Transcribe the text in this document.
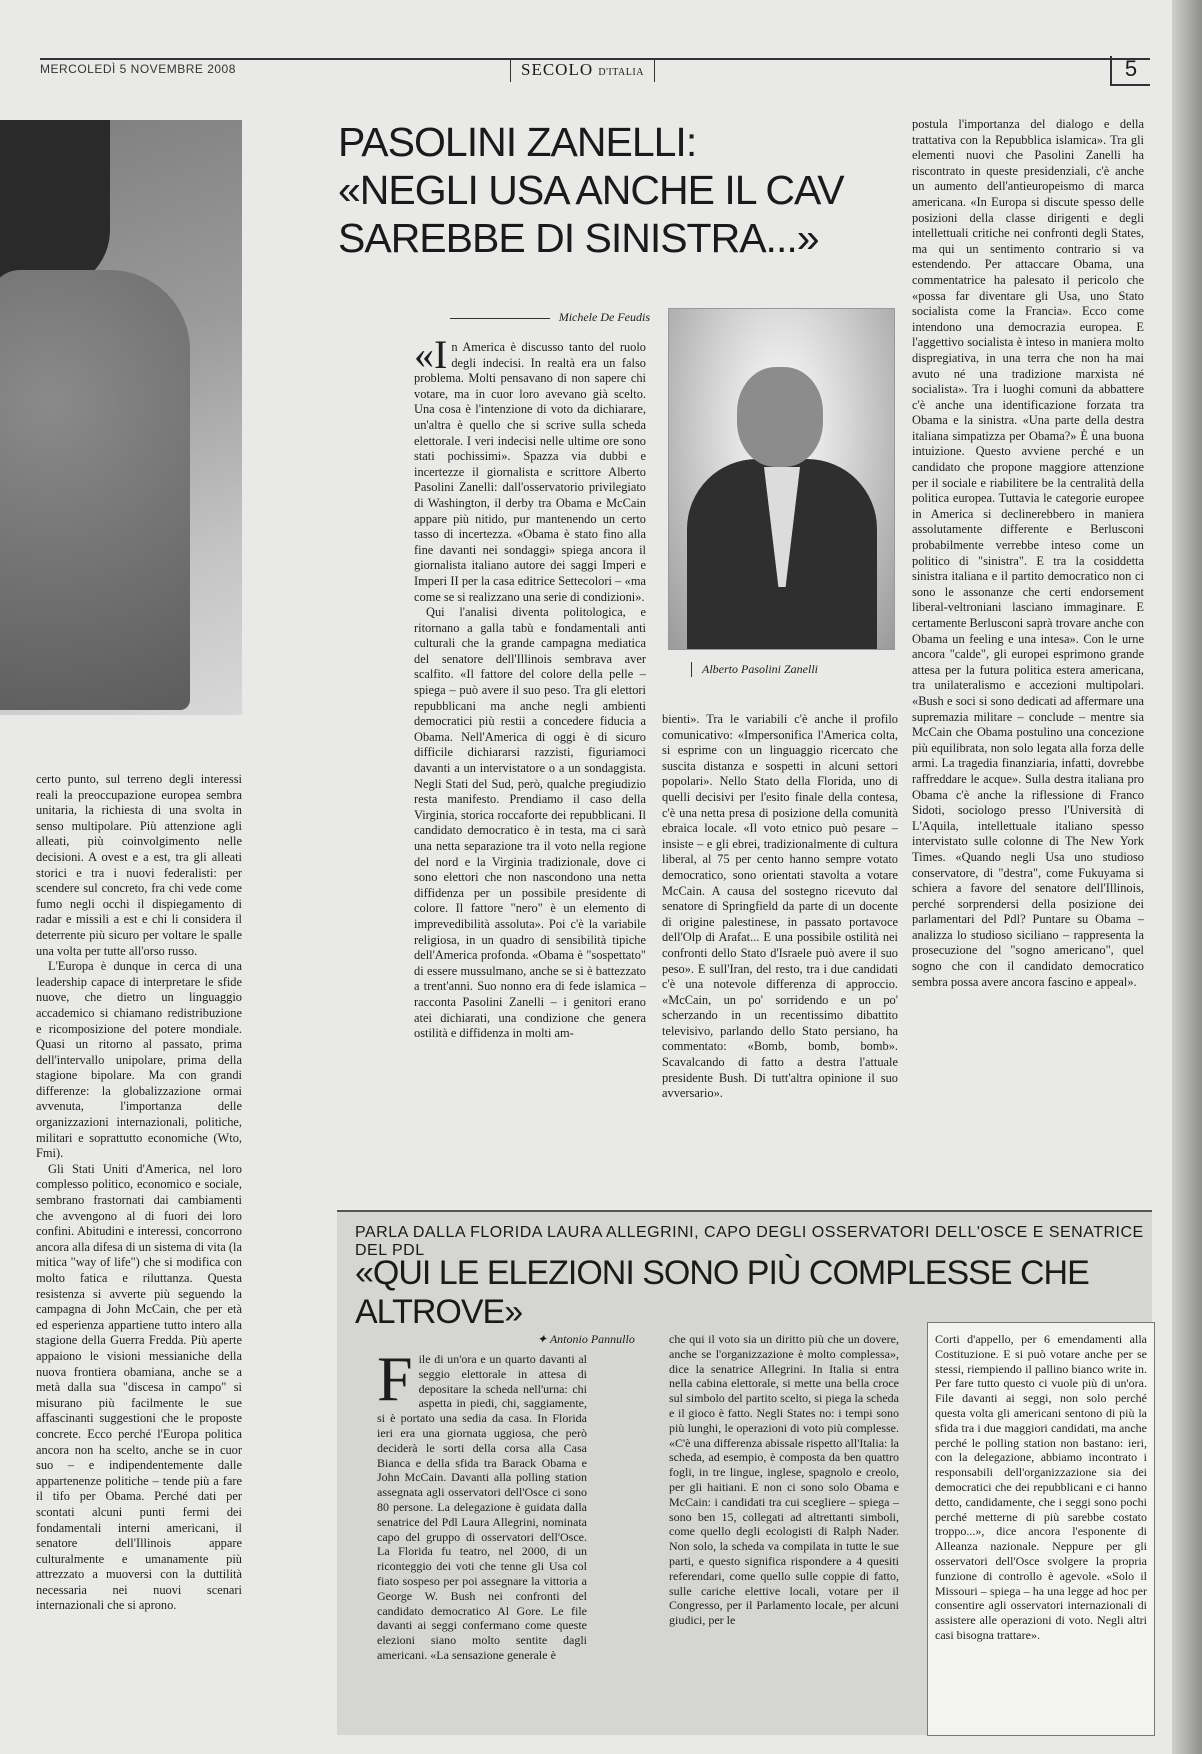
MERCOLEDÌ 5 NOVEMBRE 2008	SECOLO D'ITALIA	5
PASOLINI ZANELLI:
«NEGLI USA ANCHE IL CAV
SAREBBE DI SINISTRA...»
Michele De Feudis

certo punto, sul terreno degli interessi reali la preoccupazione europea sembra unitaria, la richiesta di una svolta in senso multipolare. Più attenzione agli alleati, più coinvolgimento nelle decisioni. A ovest e a est, tra gli alleati storici e tra i nuovi federalisti: per scendere sul concreto, fra chi vede come fumo negli occhi il dispiegamento di radar e missili a est e chi li considera il deterrente più sicuro per voltare le spalle una volta per tutte all'orso russo.

L'Europa è dunque in cerca di una leadership capace di interpretare le sfide nuove, che dietro un linguaggio accademico si chiamano redistribuzione e ricomposizione del potere mondiale. Quasi un ritorno al passato, prima dell'intervallo unipolare, prima della stagione bipolare. Ma con grandi differenze: la globalizzazione ormai avvenuta, l'importanza delle organizzazioni internazionali, politiche, militari e soprattutto economiche (Wto, Fmi).

Gli Stati Uniti d'America, nel loro complesso politico, economico e sociale, sembrano frastornati dai cambiamenti che avvengono al di fuori dei loro confini. Abitudini e interessi, concorrono ancora alla difesa di un sistema di vita (la mitica "way of life") che si modifica con molto fatica e riluttanza. Questa resistenza si avverte più seguendo la campagna di John McCain, che per età ed esperienza appartiene tutto intero alla stagione della Guerra Fredda. Più aperte appaiono le visioni messianiche della nuova frontiera obamiana, anche se a metà dalla sua "discesa in campo" si misurano più facilmente le sue affascinanti suggestioni che le proposte concrete. Ecco perché l'Europa politica ancora non ha scelto, anche se in cuor suo – e indipendentemente dalle appartenenze politiche – tende più a fare il tifo per Obama. Perché dati per scontati alcuni punti fermi dei fondamentali interni americani, il senatore dell'Illinois appare culturalmente e umanamente più attrezzato a muoversi con la duttilità necessaria nei nuovi scenari internazionali che si aprono.

«In America è discusso tanto del ruolo degli indecisi. In realtà era un falso problema. Molti pensavano di non sapere chi votare, ma in cuor loro avevano già scelto. Una cosa è l'intenzione di voto da dichiarare, un'altra è quello che si scrive sulla scheda elettorale. I veri indecisi nelle ultime ore sono stati pochissimi». Spazza via dubbi e incertezze il giornalista e scrittore Alberto Pasolini Zanelli: dall'osservatorio privilegiato di Washington, il derby tra Obama e McCain appare più nitido, pur mantenendo un certo tasso di incertezza. «Obama è stato fino alla fine davanti nei sondaggi» spiega ancora il giornalista italiano autore dei saggi Imperi e Imperi II per la casa editrice Settecolori – «ma come se si realizzano una serie di condizioni».

Qui l'analisi diventa politologica, e ritornano a galla tabù e fondamentali anti culturali che la grande campagna mediatica del senatore dell'Illinois sembrava aver scalfito. «Il fattore del colore della pelle – spiega – può avere il suo peso. Tra gli elettori repubblicani ma anche negli ambienti democratici più restii a concedere fiducia a Obama. Nell'America di oggi è di sicuro difficile dichiararsi razzisti, figuriamoci davanti a un intervistatore o a un sondaggista. Negli Stati del Sud, però, qualche pregiudizio resta manifesto. Prendiamo il caso della Virginia, storica roccaforte dei repubblicani. Il candidato democratico è in testa, ma ci sarà una netta separazione tra il voto nella regione del nord e la Virginia tradizionale, dove ci sono elettori che non nascondono una netta diffidenza per un possibile presidente di colore. Il fattore "nero" è un elemento di imprevedibilità assoluta». Poi c'è la variabile religiosa, in un quadro di sensibilità tipiche dell'America profonda. «Obama è "sospettato" di essere mussulmano, anche se si è battezzato a trent'anni. Suo nonno era di fede islamica – racconta Pasolini Zanelli – i genitori erano atei dichiarati, una condizione che genera ostilità e diffidenza in molti am-

Alberto Pasolini Zanelli

bienti». Tra le variabili c'è anche il profilo comunicativo: «Impersonifica l'America colta, si esprime con un linguaggio ricercato che suscita distanza e sospetti in alcuni settori popolari». Nello Stato della Florida, uno di quelli decisivi per l'esito finale della contesa, c'è una netta presa di posizione della comunità ebraica locale. «Il voto etnico può pesare – insiste – e gli ebrei, tradizionalmente di cultura liberal, al 75 per cento hanno sempre votato democratico, sono orientati stavolta a votare McCain. A causa del sostegno ricevuto dal senatore di Springfield da parte di un docente di origine palestinese, in passato portavoce dell'Olp di Arafat... E una possibile ostilità nei confronti dello Stato d'Israele può avere il suo peso». E sull'Iran, del resto, tra i due candidati c'è una notevole differenza di approccio. «McCain, un po' sorridendo e un po' scherzando in un recentissimo dibattito televisivo, parlando dello Stato persiano, ha commentato: «Bomb, bomb, bomb». Scavalcando di fatto a destra l'attuale presidente Bush. Di tutt'altra opinione il suo avversario».

postula l'importanza del dialogo e della trattativa con la Repubblica islamica». Tra gli elementi nuovi che Pasolini Zanelli ha riscontrato in queste presidenziali, c'è anche un aumento dell'antieuropeismo di marca americana. «In Europa si discute spesso delle posizioni della classe dirigenti e degli intellettuali critiche nei confronti degli States, ma qui un sentimento contrario si va estendendo. Per attaccare Obama, una commentatrice ha palesato il pericolo che «possa far diventare gli Usa, uno Stato socialista come la Francia». Ecco come intendono una democrazia europea. E l'aggettivo socialista è inteso in maniera molto dispregiativa, in una terra che non ha mai avuto né una tradizione marxista né socialista». Tra i luoghi comuni da abbattere c'è anche una identificazione forzata tra Obama e la sinistra. «Una parte della destra italiana simpatizza per Obama?» È una buona intuizione. Questo avviene perché e un candidato che propone maggiore attenzione per il sociale e riabilitere be la centralità della politica europea. Tuttavia le categorie europee in America si declinerebbero in maniera assolutamente differente e Berlusconi probabilmente verrebbe inteso come un politico di "sinistra". E tra la cosiddetta sinistra italiana e il partito democratico non ci sono le assonanze che certi endorsement liberal-veltroniani lasciano immaginare. E certamente Berlusconi saprà trovare anche con Obama un feeling e una intesa». Con le urne ancora "calde", gli europei esprimono grande attesa per la futura politica estera americana, tra unilateralismo e accezioni multipolari. «Bush e soci si sono dedicati ad affermare una supremazia militare – conclude – mentre sia McCain che Obama postulino una concezione più equilibrata, non solo legata alla forza delle armi. La tragedia finanziaria, infatti, dovrebbe raffreddare le acque». Sulla destra italiana pro Obama c'è anche la riflessione di Franco Sidoti, sociologo presso l'Università di L'Aquila, intellettuale italiano spesso intervistato sulle colonne di The New York Times. «Quando negli Usa uno studioso conservatore, di "destra", come Fukuyama si schiera a favore del senatore dell'Illinois, perché sorprendersi della posizione dei parlamentari del Pdl? Puntare su Obama – analizza lo studioso siciliano – rappresenta la prosecuzione del "sogno americano", quel sogno che con il candidato democratico sembra possa avere ancora fascino e appeal».

PARLA DALLA FLORIDA LAURA ALLEGRINI, CAPO DEGLI OSSERVATORI DELL'OSCE E SENATRICE DEL PDL
«QUI LE ELEZIONI SONO PIÙ COMPLESSE CHE ALTROVE»
✦ Antonio Pannullo

File di un'ora e un quarto davanti al seggio elettorale in attesa di depositare la scheda nell'urna: chi aspetta in piedi, chi, saggiamente, si è portato una sedia da casa. In Florida ieri era una giornata uggiosa, che però deciderà le sorti della corsa alla Casa Bianca e della sfida tra Barack Obama e John McCain. Davanti alla polling station assegnata agli osservatori dell'Osce ci sono 80 persone. La delegazione è guidata dalla senatrice del Pdl Laura Allegrini, nominata capo del gruppo di osservatori dell'Osce. La Florida fu teatro, nel 2000, di un riconteggio dei voti che tenne gli Usa col fiato sospeso per poi assegnare la vittoria a George W. Bush nei confronti del candidato democratico Al Gore. Le file davanti ai seggi confermano come queste elezioni siano molto sentite dagli americani. «La sensazione generale è

che qui il voto sia un diritto più che un dovere, anche se l'organizzazione è molto complessa», dice la senatrice Allegrini. In Italia si entra nella cabina elettorale, si mette una bella croce sul simbolo del partito scelto, si piega la scheda e il gioco è fatto. Negli States no: i tempi sono più lunghi, le operazioni di voto più complesse. «C'è una differenza abissale rispetto all'Italia: la scheda, ad esempio, è composta da ben quattro fogli, in tre lingue, inglese, spagnolo e creolo, per gli haitiani. E non ci sono solo Obama e McCain: i candidati tra cui scegliere – spiega – sono ben 15, collegati ad altrettanti simboli, come quello degli ecologisti di Ralph Nader. Non solo, la scheda va compilata in tutte le sue parti, e questo significa rispondere a 4 quesiti referendari, come quello sulle coppie di fatto, sulle cariche elettive locali, votare per il Congresso, per il Parlamento locale, per alcuni giudici, per le

Corti d'appello, per 6 emendamenti alla Costituzione. E si può votare anche per se stessi, riempiendo il pallino bianco write in. Per fare tutto questo ci vuole più di un'ora. File davanti ai seggi, non solo perché questa volta gli americani sentono di più la sfida tra i due maggiori candidati, ma anche perché le polling station non bastano: ieri, con la delegazione, abbiamo incontrato i responsabili dell'organizzazione sia dei democratici che dei repubblicani e ci hanno detto, candidamente, che i seggi sono pochi perché metterne di più sarebbe costato troppo...», dice ancora l'esponente di Alleanza nazionale. Neppure per gli osservatori dell'Osce svolgere la propria funzione di controllo è agevole. «Solo il Missouri – spiega – ha una legge ad hoc per consentire agli osservatori internazionali di assistere alle operazioni di voto. Negli altri casi bisogna trattare».
